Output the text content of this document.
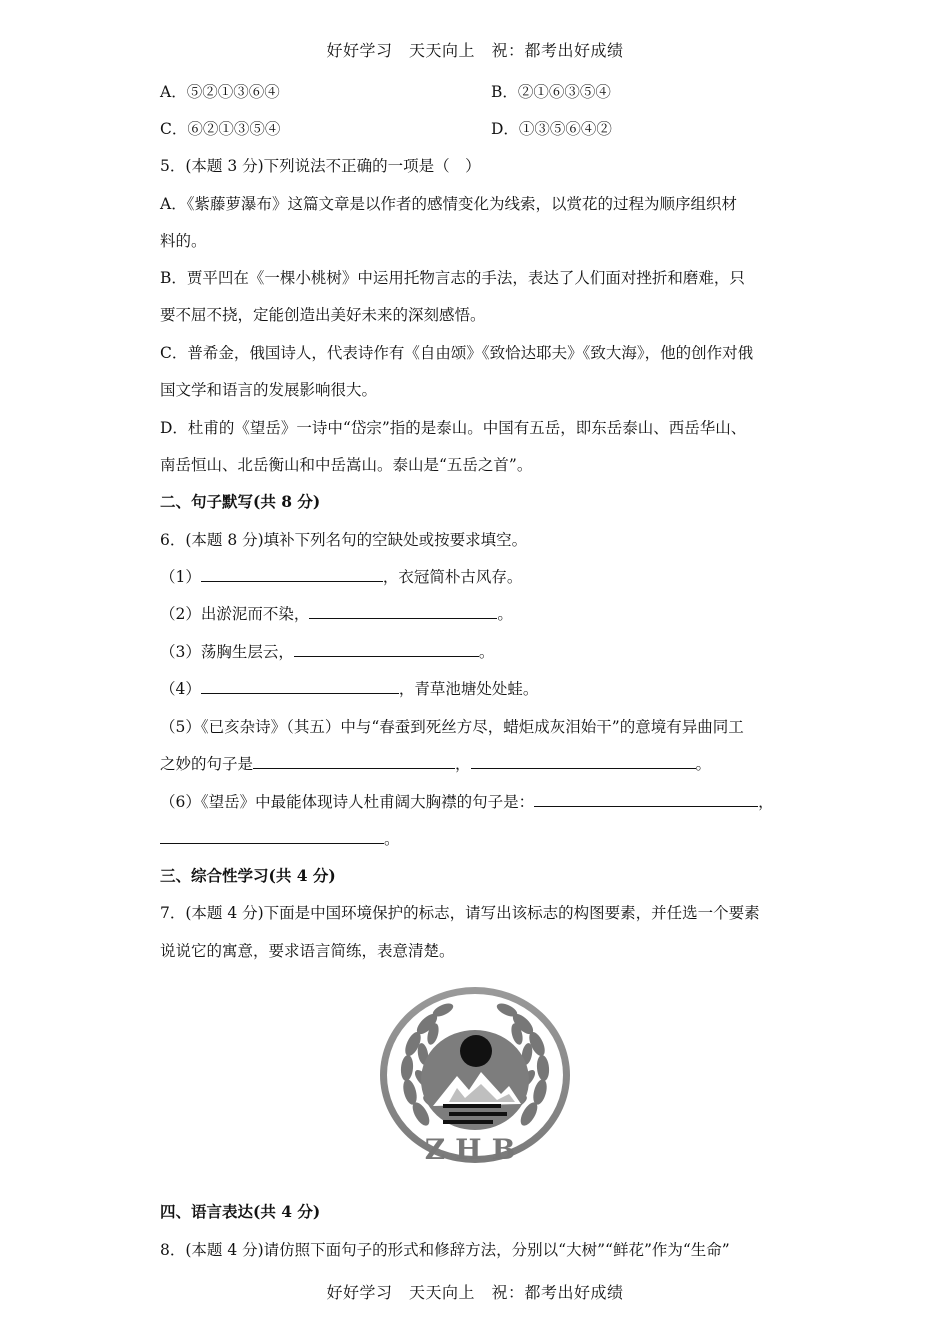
好好学习　天天向上　祝：都考出好成绩
A．⑤②①③⑥④	B．②①⑥③⑤④
C．⑥②①③⑤④	D．①③⑤⑥④②
5．(本题 3 分)下列说法不正确的一项是（　）
A．《紫藤萝瀑布》这篇文章是以作者的感情变化为线索，以赏花的过程为顺序组织材
料的。
B．贾平凹在《一棵小桃树》中运用托物言志的手法，表达了人们面对挫折和磨难，只
要不屈不挠，定能创造出美好未来的深刻感悟。
C．普希金，俄国诗人，代表诗作有《自由颂》《致恰达耶夫》《致大海》，他的创作对俄
国文学和语言的发展影响很大。
D．杜甫的《望岳》一诗中“岱宗”指的是泰山。中国有五岳，即东岳泰山、西岳华山、
南岳恒山、北岳衡山和中岳嵩山。泰山是“五岳之首”。
二、句子默写(共 8 分)
6．(本题 8 分)填补下列名句的空缺处或按要求填空。
（1）	，衣冠简朴古风存。
（2）出淤泥而不染，	。
（3）荡胸生层云，	。
（4）	，青草池塘处处蛙。
（5）《已亥杂诗》（其五）中与“春蚕到死丝方尽，蜡炬成灰泪始干”的意境有异曲同工
之妙的句子是	，	。
（6）《望岳》中最能体现诗人杜甫阔大胸襟的句子是：	，
。
三、综合性学习(共 4 分)
7．(本题 4 分)下面是中国环境保护的标志，请写出该标志的构图要素，并任选一个要素
说说它的寓意，要求语言简练，表意清楚。
ZHB
四、语言表达(共 4 分)
8．(本题 4 分)请仿照下面句子的形式和修辞方法，分别以“大树”“鲜花”作为“生命”
好好学习　天天向上　祝：都考出好成绩
